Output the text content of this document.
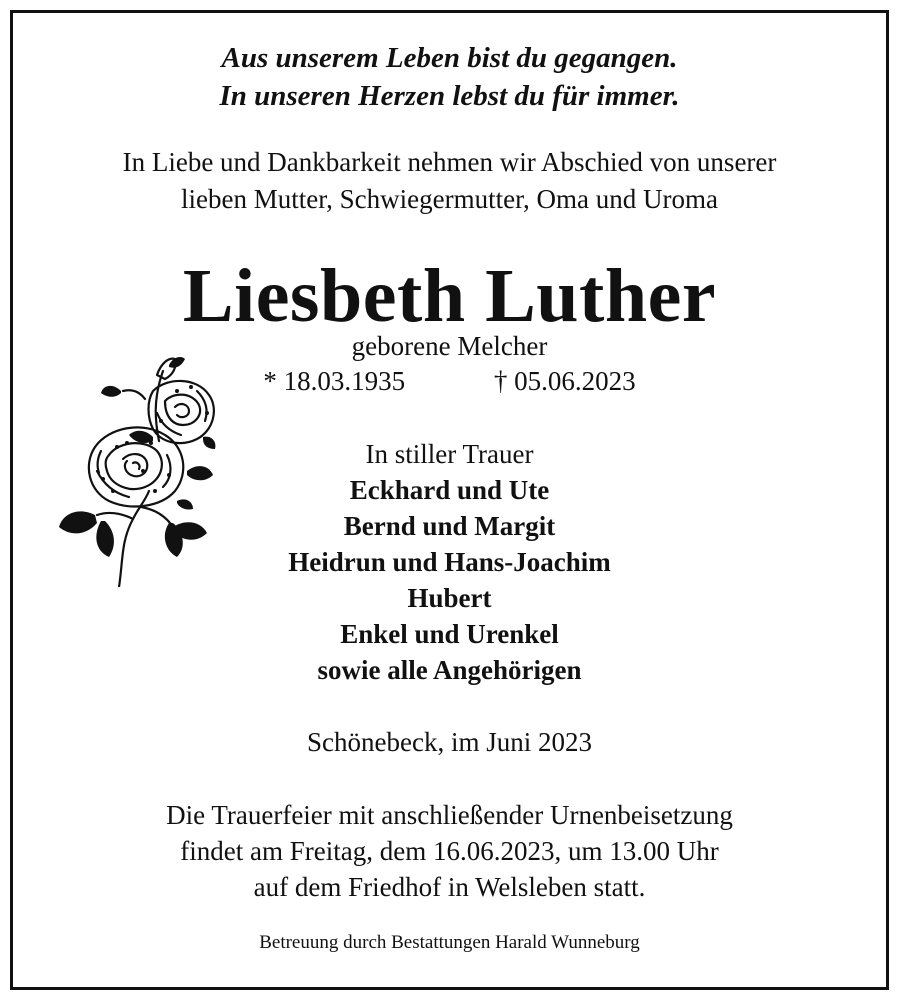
Aus unserem Leben bist du gegangen.
In unseren Herzen lebst du für immer.
In Liebe und Dankbarkeit nehmen wir Abschied von unserer
lieben Mutter, Schwiegermutter, Oma und Uroma
Liesbeth Luther
geborene Melcher
* 18.03.1935	† 05.06.2023
In stiller Trauer
Eckhard und Ute
Bernd und Margit
Heidrun und Hans-Joachim
Hubert
Enkel und Urenkel
sowie alle Angehörigen
Schönebeck, im Juni 2023
Die Trauerfeier mit anschließender Urnenbeisetzung
findet am Freitag, dem 16.06.2023, um 13.00 Uhr
auf dem Friedhof in Welsleben statt.
Betreuung durch Bestattungen Harald Wunneburg
